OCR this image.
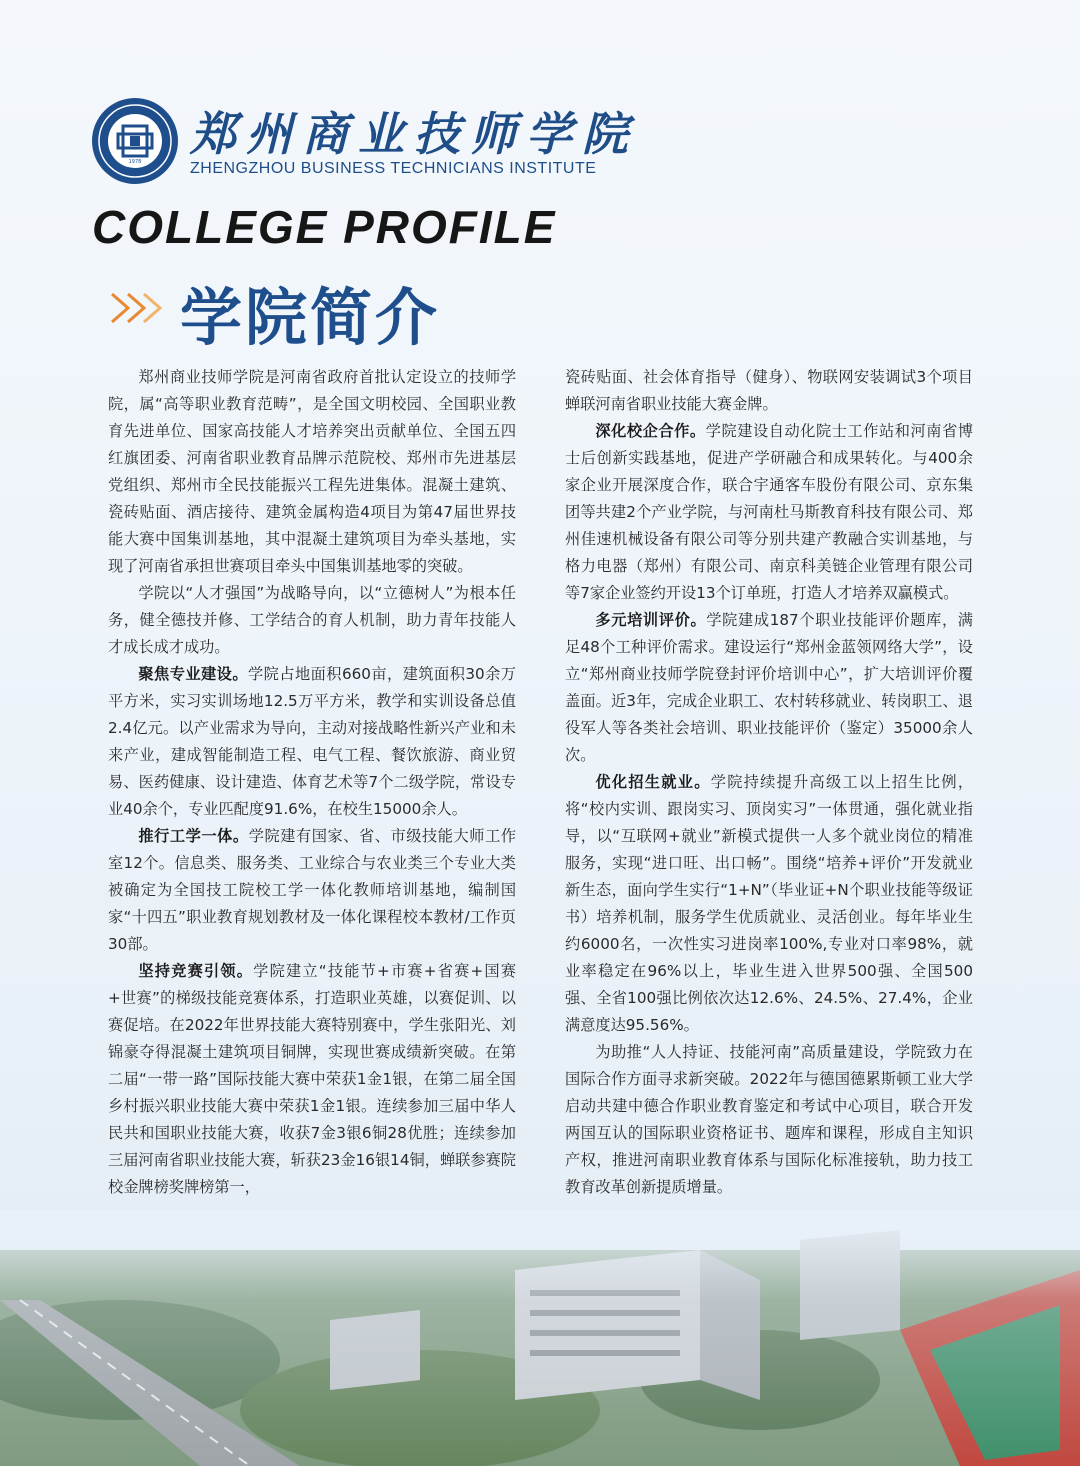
1978
郑州商业技师学院
ZHENGZHOU BUSINESS TECHNICIANS INSTITUTE
COLLEGE PROFILE
学院简介

郑州商业技师学院是河南省政府首批认定设立的技师学院，属“高等职业教育范畴”，是全国文明校园、全国职业教育先进单位、国家高技能人才培养突出贡献单位、全国五四红旗团委、河南省职业教育品牌示范院校、郑州市先进基层党组织、郑州市全民技能振兴工程先进集体。混凝土建筑、瓷砖贴面、酒店接待、建筑金属构造4项目为第47届世界技能大赛中国集训基地，其中混凝土建筑项目为牵头基地，实现了河南省承担世赛项目牵头中国集训基地零的突破。

学院以“人才强国”为战略导向，以“立德树人”为根本任务，健全德技并修、工学结合的育人机制，助力青年技能人才成长成才成功。

聚焦专业建设。学院占地面积660亩，建筑面积30余万平方米，实习实训场地12.5万平方米，教学和实训设备总值2.4亿元。以产业需求为导向，主动对接战略性新兴产业和未来产业，建成智能制造工程、电气工程、餐饮旅游、商业贸易、医药健康、设计建造、体育艺术等7个二级学院，常设专业40余个，专业匹配度91.6%，在校生15000余人。

推行工学一体。学院建有国家、省、市级技能大师工作室12个。信息类、服务类、工业综合与农业类三个专业大类被确定为全国技工院校工学一体化教师培训基地，编制国家“十四五”职业教育规划教材及一体化课程校本教材/工作页30部。

坚持竞赛引领。学院建立“技能节+市赛+省赛+国赛+世赛”的梯级技能竞赛体系，打造职业英雄，以赛促训、以赛促培。在2022年世界技能大赛特别赛中，学生张阳光、刘锦豪夺得混凝土建筑项目铜牌，实现世赛成绩新突破。在第二届“一带一路”国际技能大赛中荣获1金1银，在第二届全国乡村振兴职业技能大赛中荣获1金1银。连续参加三届中华人民共和国职业技能大赛，收获7金3银6铜28优胜；连续参加三届河南省职业技能大赛，斩获23金16银14铜，蝉联参赛院校金牌榜奖牌榜第一，

瓷砖贴面、社会体育指导（健身）、物联网安装调试3个项目蝉联河南省职业技能大赛金牌。

深化校企合作。学院建设自动化院士工作站和河南省博士后创新实践基地，促进产学研融合和成果转化。与400余家企业开展深度合作，联合宇通客车股份有限公司、京东集团等共建2个产业学院，与河南杜马斯教育科技有限公司、郑州佳速机械设备有限公司等分别共建产教融合实训基地，与格力电器（郑州）有限公司、南京科美链企业管理有限公司等7家企业签约开设13个订单班，打造人才培养双赢模式。

多元培训评价。学院建成187个职业技能评价题库，满足48个工种评价需求。建设运行“郑州金蓝领网络大学”，设立“郑州商业技师学院登封评价培训中心”，扩大培训评价覆盖面。近3年，完成企业职工、农村转移就业、转岗职工、退役军人等各类社会培训、职业技能评价（鉴定）35000余人次。

优化招生就业。学院持续提升高级工以上招生比例，将“校内实训、跟岗实习、顶岗实习”一体贯通，强化就业指导，以“互联网+就业”新模式提供一人多个就业岗位的精准服务，实现“进口旺、出口畅”。围绕“培养+评价”开发就业新生态，面向学生实行“1+N”（毕业证+N个职业技能等级证书）培养机制，服务学生优质就业、灵活创业。每年毕业生约6000名，一次性实习进岗率100%,专业对口率98%，就业率稳定在96%以上，毕业生进入世界500强、全国500强、全省100强比例依次达12.6%、24.5%、27.4%，企业满意度达95.56%。

为助推“人人持证、技能河南”高质量建设，学院致力在国际合作方面寻求新突破。2022年与德国德累斯顿工业大学启动共建中德合作职业教育鉴定和考试中心项目，联合开发两国互认的国际职业资格证书、题库和课程，形成自主知识产权，推进河南职业教育体系与国际化标准接轨，助力技工教育改革创新提质增量。
